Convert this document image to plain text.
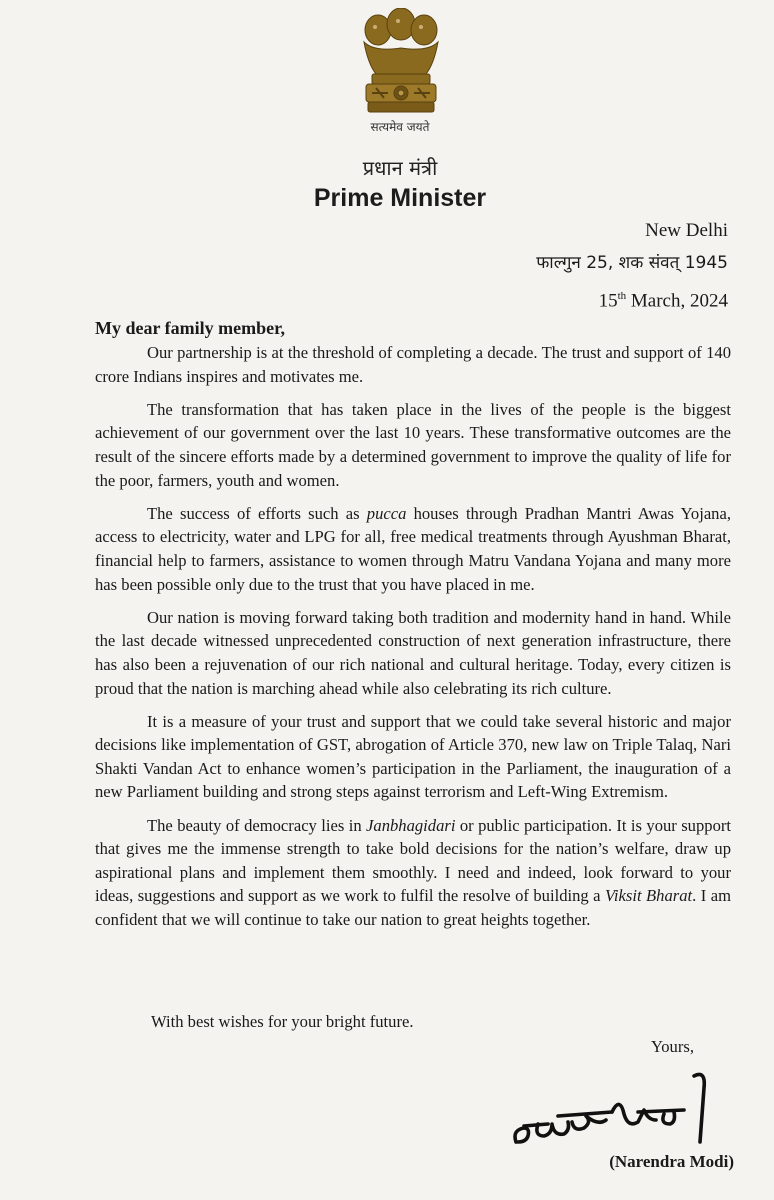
सत्यमेव जयते
प्रधान मंत्री
Prime Minister
New Delhi
फाल्गुन 25, शक संवत् 1945
15th March, 2024
My dear family member,

Our partnership is at the threshold of completing a decade. The trust and support of 140 crore Indians inspires and motivates me.

The transformation that has taken place in the lives of the people is the biggest achievement of our government over the last 10 years. These transformative outcomes are the result of the sincere efforts made by a determined government to improve the quality of life for the poor, farmers, youth and women.

The success of efforts such as pucca houses through Pradhan Mantri Awas Yojana, access to electricity, water and LPG for all, free medical treatments through Ayushman Bharat, financial help to farmers, assistance to women through Matru Vandana Yojana and many more has been possible only due to the trust that you have placed in me.

Our nation is moving forward taking both tradition and modernity hand in hand. While the last decade witnessed unprecedented construction of next generation infrastructure, there has also been a rejuvenation of our rich national and cultural heritage. Today, every citizen is proud that the nation is marching ahead while also celebrating its rich culture.

It is a measure of your trust and support that we could take several historic and major decisions like implementation of GST, abrogation of Article 370, new law on Triple Talaq, Nari Shakti Vandan Act to enhance women’s participation in the Parliament, the inauguration of a new Parliament building and strong steps against terrorism and Left-Wing Extremism.

The beauty of democracy lies in Janbhagidari or public participation. It is your support that gives me the immense strength to take bold decisions for the nation’s welfare, draw up aspirational plans and implement them smoothly. I need and indeed, look forward to your ideas, suggestions and support as we work to fulfil the resolve of building a Viksit Bharat. I am confident that we will continue to take our nation to great heights together.

With best wishes for your bright future.
Yours,
(Narendra Modi)
